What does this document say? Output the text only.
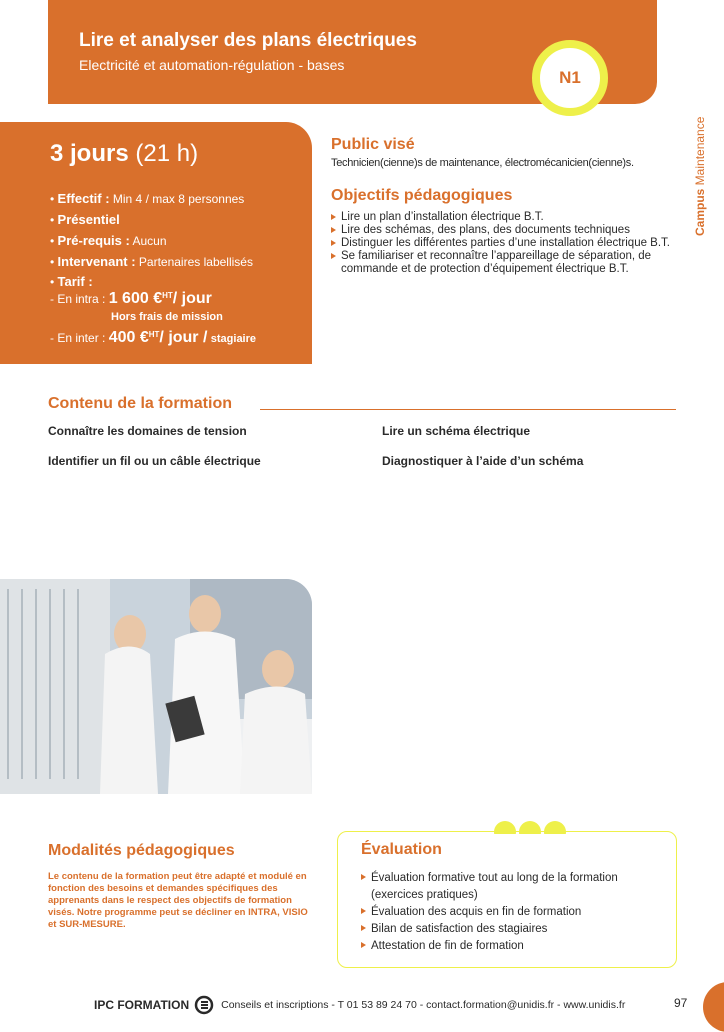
Lire et analyser des plans électriques
Electricité et automation-régulation - bases
N1
Campus Maintenance
3 jours (21 h)
• Effectif : Min 4 / max 8 personnes
• Présentiel
• Pré-requis : Aucun
• Intervenant : Partenaires labellisés
• Tarif :
- En intra : 1 600 €$^{HT}$/ jour
Hors frais de mission
- En inter : 400 €$^{HT}$/ jour / stagiaire
Public visé
Technicien(cienne)s de maintenance, électromécanicien(cienne)s.
Objectifs pédagogiques
Lire un plan d’installation électrique B.T.
Lire des schémas, des plans, des documents techniques
Distinguer les différentes parties d’une installation électrique B.T.
Se familiariser et reconnaître l’appareillage de séparation, de commande et de protection d’équipement électrique B.T.
Contenu de la formation
Connaître les domaines de tension	Lire un schéma électrique
Identifier un fil ou un câble électrique	Diagnostiquer à l’aide d’un schéma
Modalités pédagogiques
Le contenu de la formation peut être adapté et modulé en fonction des besoins et demandes spécifiques des apprenants dans le respect des objectifs de formation visés. Notre programme peut se décliner en INTRA, VISIO et SUR-MESURE.
Évaluation
Évaluation formative tout au long de la formation (exercices pratiques)
Évaluation des acquis en fin de formation
Bilan de satisfaction des stagiaires
Attestation de fin de formation
IPC FORMATION	Conseils et inscriptions - T 01 53 89 24 70 - contact.formation@unidis.fr - www.unidis.fr	97
